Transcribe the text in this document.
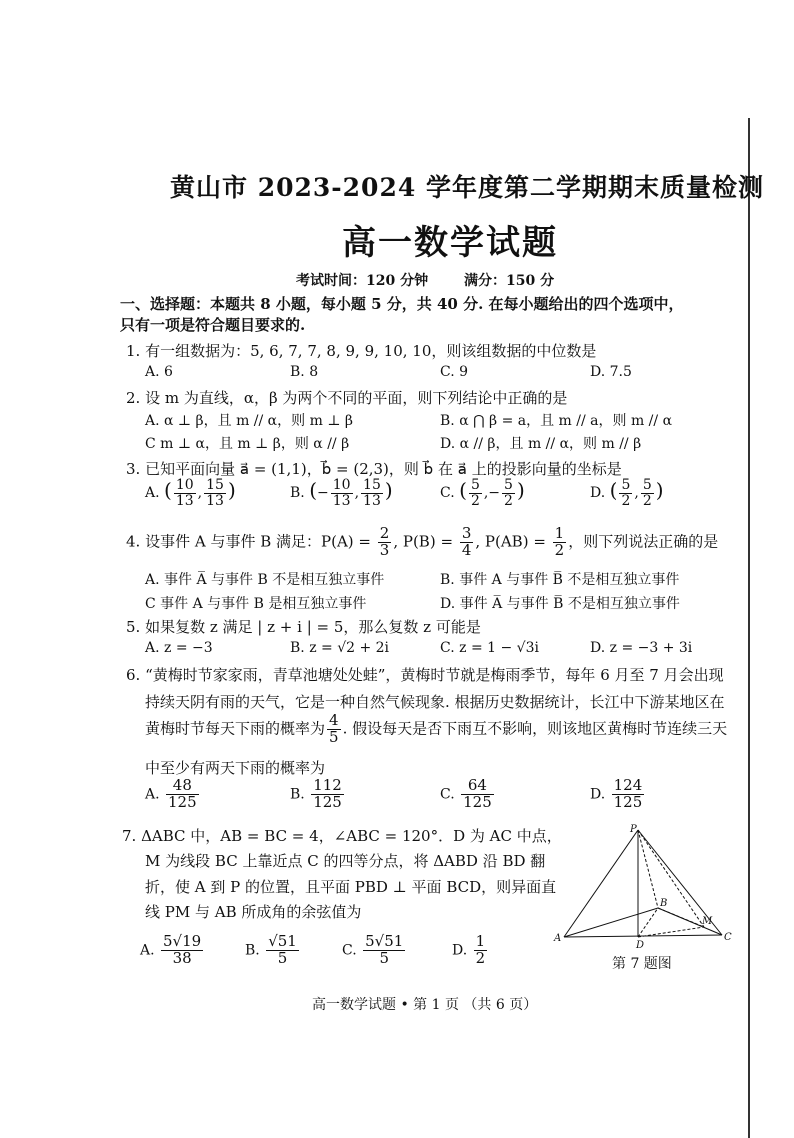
黄山市 2023-2024 学年度第二学期期末质量检测
高一数学试题
考试时间：120 分钟	满分：150 分
一、选择题：本题共 8 小题，每小题 5 分，共 40 分. 在每小题给出的四个选项中，只有一项是符合题目要求的.
1. 有一组数据为：5, 6, 7, 7, 8, 9, 9, 10, 10，则该组数据的中位数是
A. 6	B. 8	C. 9	D. 7.5
2. 设 m 为直线，α，β 为两个不同的平面，则下列结论中正确的是
A. α ⊥ β，且 m // α，则 m ⊥ β	B. α ⋂ β = a，且 m // a，则 m // α
C m ⊥ α，且 m ⊥ β，则 α // β	D. α // β，且 m // α，则 m // β
3. 已知平面向量 a⃗ = (1,1)，b⃗ = (2,3)，则 b⃗ 在 a⃗ 上的投影向量的坐标是
A. ( $\frac{10}{13}$ , $\frac{15}{13}$ )	B. (− $\frac{10}{13}$ , $\frac{15}{13}$ )	C. ( $\frac{5}{2}$ ,− $\frac{5}{2}$ )	D. ( $\frac{5}{2}$ , $\frac{5}{2}$ )
4. 设事件 A 与事件 B 满足：$P(A) = \frac{2}{3}$ , $P(B) = \frac{3}{4}$ , $P(AB) = \frac{1}{2}$ ，则下列说法正确的是
A. 事件 A̅ 与事件 B 不是相互独立事件	B. 事件 A 与事件 B̅ 不是相互独立事件
C 事件 A 与事件 B 是相互独立事件	D. 事件 A̅ 与事件 B̅ 不是相互独立事件
5. 如果复数 z 满足 | z + i | = 5，那么复数 z 可能是
A. z = −3	B. z = √2 + 2i	C. z = 1 − √3i	D. z = −3 + 3i
6. “黄梅时节家家雨，青草池塘处处蛙”，黄梅时节就是梅雨季节，每年 6 月至 7 月会出现
持续天阴有雨的天气，它是一种自然气候现象. 根据历史数据统计，长江中下游某地区在
黄梅时节每天下雨的概率为 $\frac{4}{5}$ . 假设每天是否下雨互不影响，则该地区黄梅时节连续三天
中至少有两天下雨的概率为
A. $\frac{48}{125}$	B. $\frac{112}{125}$	C. $\frac{64}{125}$	D. $\frac{124}{125}$
7. ΔABC 中，AB = BC = 4，∠ABC = 120°．D 为 AC 中点，
M 为线段 BC 上靠近点 C 的四等分点，将 ΔABD 沿 BD 翻
折，使 A 到 P 的位置，且平面 PBD ⊥ 平面 BCD，则异面直
线 PM 与 AB 所成角的余弦值为
A. $\frac{5√19}{38}$	B. $\frac{√51}{5}$	C. $\frac{5√51}{5}$	D. $\frac{1}{2}$
P
A
B
D
M
C
第 7 题图
高一数学试题 • 第 1 页 （共 6 页）
